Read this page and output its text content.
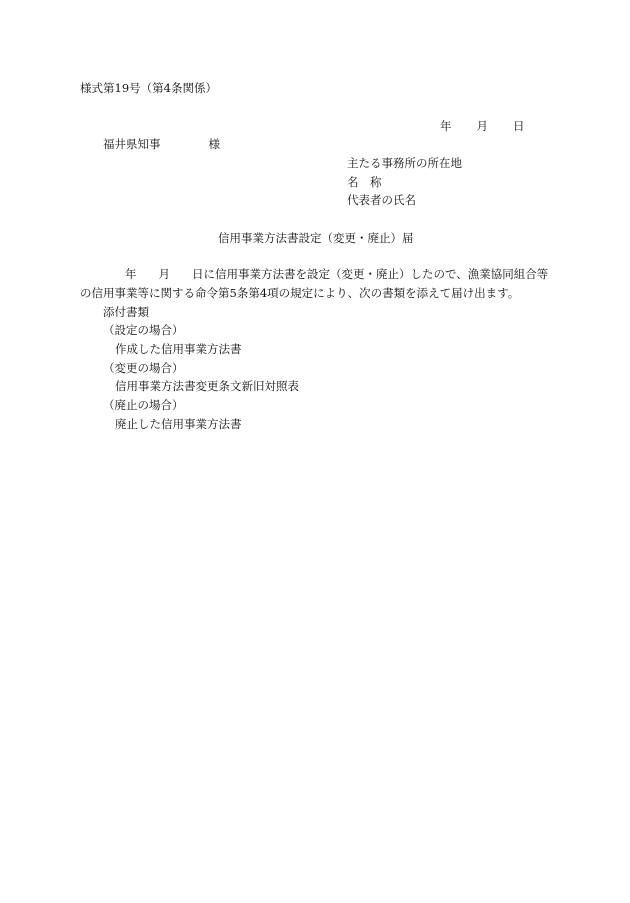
様式第19号（第4条関係）
年 月 日
福井県知事	様
主たる事務所の所在地
名　称
代表者の氏名
信用事業方法書設定（変更・廃止）届
年 月 日に信用事業方法書を設定（変更・廃止）したので、漁業協同組合等
の信用事業等に関する命令第5条第4項の規定により、次の書類を添えて届け出ます。
添付書類
（設定の場合）
作成した信用事業方法書
（変更の場合）
信用事業方法書変更条文新旧対照表
（廃止の場合）
廃止した信用事業方法書
